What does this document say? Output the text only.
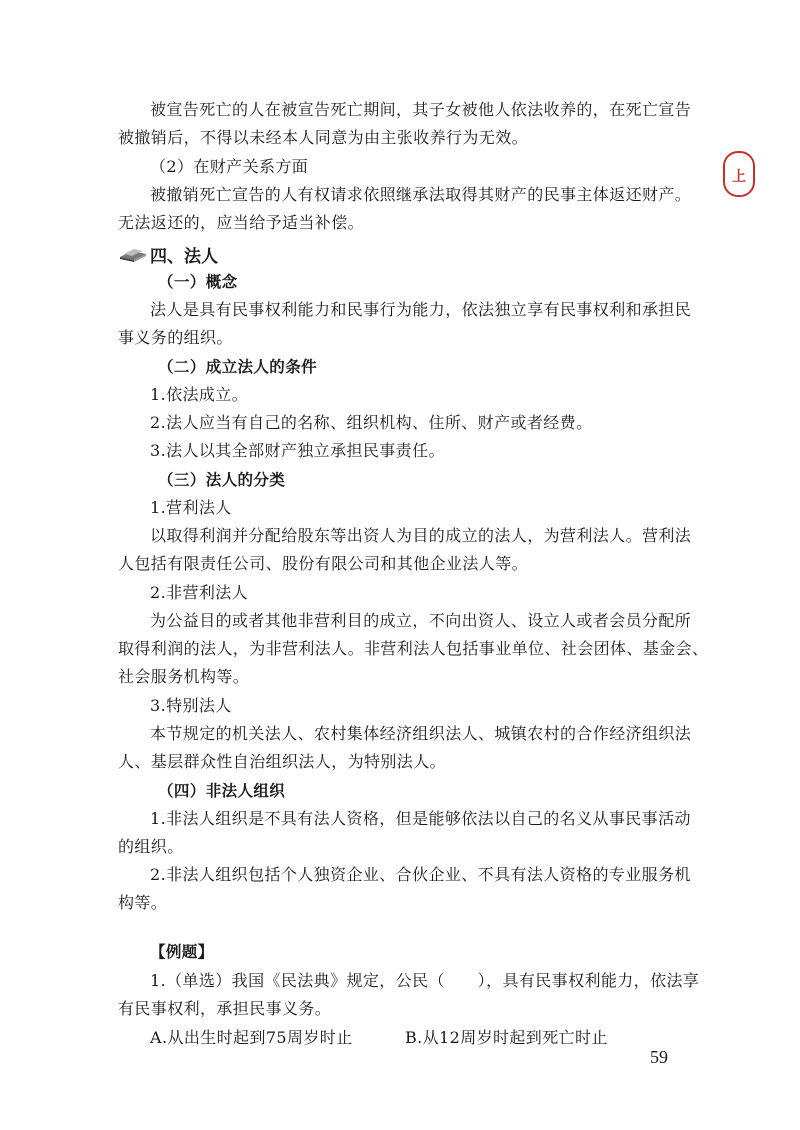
上
被宣告死亡的人在被宣告死亡期间，其子女被他人依法收养的，在死亡宣告
被撤销后，不得以未经本人同意为由主张收养行为无效。
（2）在财产关系方面
被撤销死亡宣告的人有权请求依照继承法取得其财产的民事主体返还财产。
无法返还的，应当给予适当补偿。
四、法人
（一）概念
法人是具有民事权利能力和民事行为能力，依法独立享有民事权利和承担民
事义务的组织。
（二）成立法人的条件
1.依法成立。
2.法人应当有自己的名称、组织机构、住所、财产或者经费。
3.法人以其全部财产独立承担民事责任。
（三）法人的分类
1.营利法人
以取得利润并分配给股东等出资人为目的成立的法人，为营利法人。营利法
人包括有限责任公司、股份有限公司和其他企业法人等。
2.非营利法人
为公益目的或者其他非营利目的成立，不向出资人、设立人或者会员分配所
取得利润的法人，为非营利法人。非营利法人包括事业单位、社会团体、基金会、
社会服务机构等。
3.特别法人
本节规定的机关法人、农村集体经济组织法人、城镇农村的合作经济组织法
人、基层群众性自治组织法人，为特别法人。
（四）非法人组织
1.非法人组织是不具有法人资格，但是能够依法以自己的名义从事民事活动
的组织。
2.非法人组织包括个人独资企业、合伙企业、不具有法人资格的专业服务机
构等。
【例题】
1.（单选）我国《民法典》规定，公民（　　），具有民事权利能力，依法享
有民事权利，承担民事义务。
A.从出生时起到75周岁时止	B.从12周岁时起到死亡时止
59
